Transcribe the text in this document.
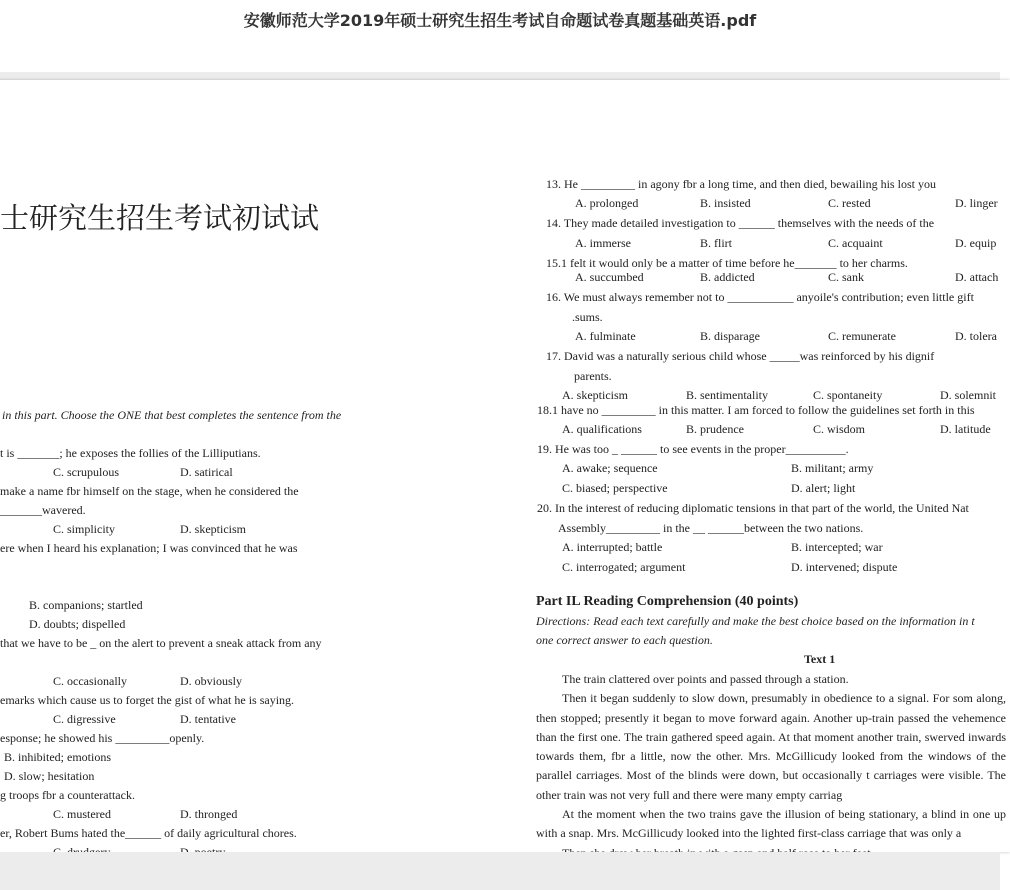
安徽师范大学2019年硕士研究生招生考试自命题试卷真题基础英语.pdf
士研究生招生考试初试试
in this part. Choose the ONE that best completes the sentence from the
t is _______; he exposes the follies of the Lilliputians.
C. scrupulous	D. satirical
make a name fbr himself on the stage, when he considered the
_______wavered.
C. simplicity	D. skepticism
ere when I heard his explanation; I was convinced that he was
B. companions; startled
D. doubts; dispelled
that we have to be _ on the alert to prevent a sneak attack from any
C. occasionally	D. obviously
emarks which cause us to forget the gist of what he is saying.
C. digressive	D. tentative
esponse; he showed his _________openly.
B. inhibited; emotions
D. slow; hesitation
g troops fbr a counterattack.
C. mustered	D. thronged
er, Robert Bums hated the______ of daily agricultural chores.
13. He _________ in agony fbr a long time, and then died, bewailing his lost you
A. prolonged	B. insisted	C. rested	D. linger
14. They made detailed investigation to ______ themselves with the needs of the
A. immerse	B. flirt	C. acquaint	D. equip
15.1 felt it would only be a matter of time before he_______ to her charms.
A. succumbed	B. addicted	C. sank	D. attach
16. We must always remember not to ___________ anyoile's contribution; even little gift
.sums.
A. fulminate	B. disparage	C. remunerate	D. tolera
17. David was a naturally serious child whose _____was reinforced by his dignif
parents.
A. skepticism	B. sentimentality	C. spontaneity	D. solemnit
18.1 have no _________ in this matter. I am forced to follow the guidelines set forth in this
A. qualifications	B. prudence	C. wisdom	D. latitude
19. He was too _ ______ to see events in the proper__________.
A. awake; sequence	B. militant; army
C. biased; perspective	D. alert; light
20. In the interest of reducing diplomatic tensions in that part of the world, the United Nat
Assembly_________ in the __ ______between the two nations.
A. interrupted; battle	B. intercepted; war
C. interrogated; argument	D. intervened; dispute
Part IL Reading Comprehension (40 points)
Directions: Read each text carefully and make the best choice based on the information in t
one correct answer to each question.
Text 1

The train clattered over points and passed through a station.

Then it began suddenly to slow down, presumably in obedience to a signal. For som along, then stopped; presently it began to move forward again. Another up-train passed the vehemence than the first one. The train gathered speed again. At that moment another train, swerved inwards towards them, fbr a little, now the other. Mrs. McGillicudy looked from the windows of the parallel carriages. Most of the blinds were down, but occasionally t carriages were visible. The other train was not very full and there were many empty carriag

At the moment when the two trains gave the illusion of being stationary, a blind in one up with a snap. Mrs. McGillicudy looked into the lighted first-class carriage that was only a
